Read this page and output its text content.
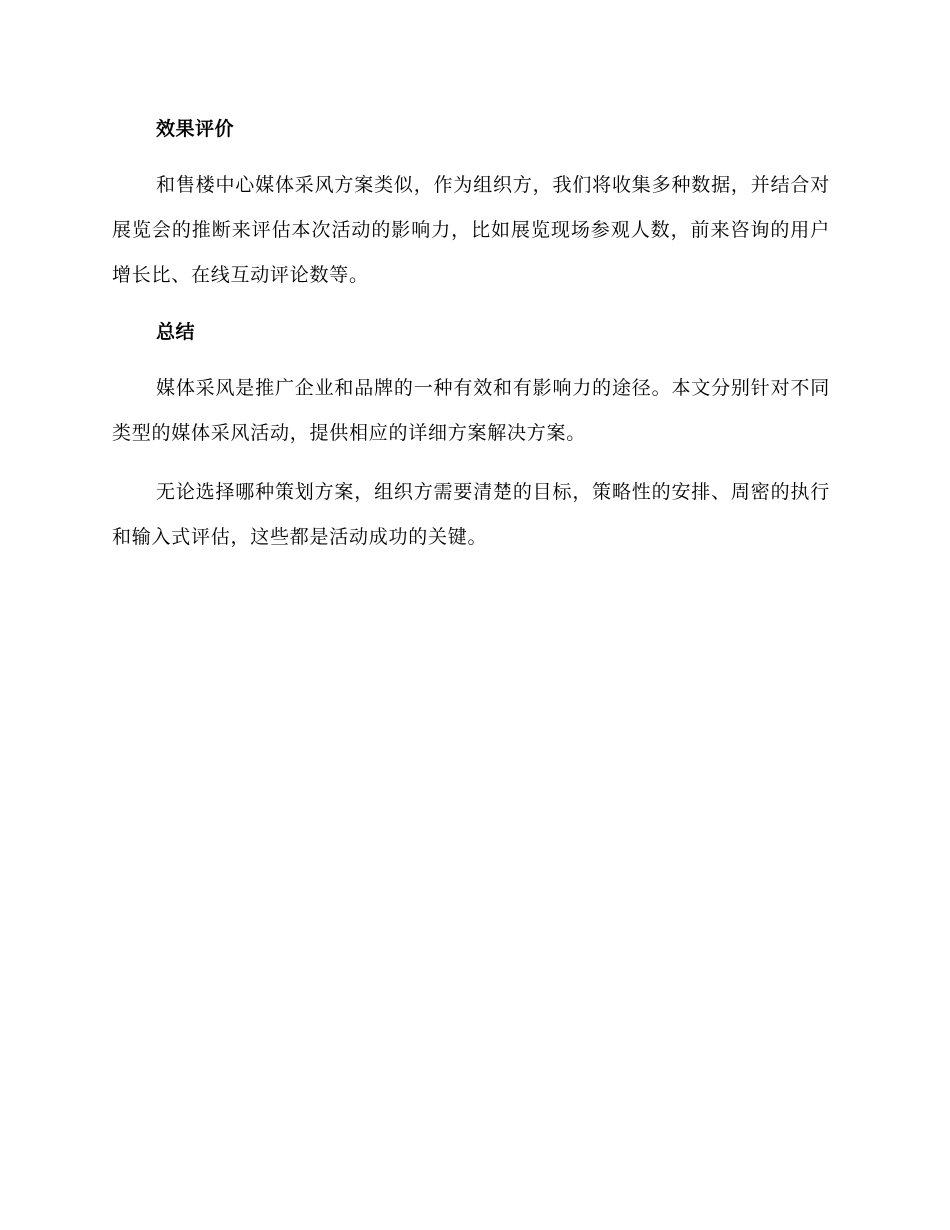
效果评价

和售楼中心媒体采风方案类似，作为组织方，我们将收集多种数据，并结合对展览会的推断来评估本次活动的影响力，比如展览现场参观人数，前来咨询的用户增长比、在线互动评论数等。

总结

媒体采风是推广企业和品牌的一种有效和有影响力的途径。本文分别针对不同类型的媒体采风活动，提供相应的详细方案解决方案。

无论选择哪种策划方案，组织方需要清楚的目标，策略性的安排、周密的执行和输入式评估，这些都是活动成功的关键。
